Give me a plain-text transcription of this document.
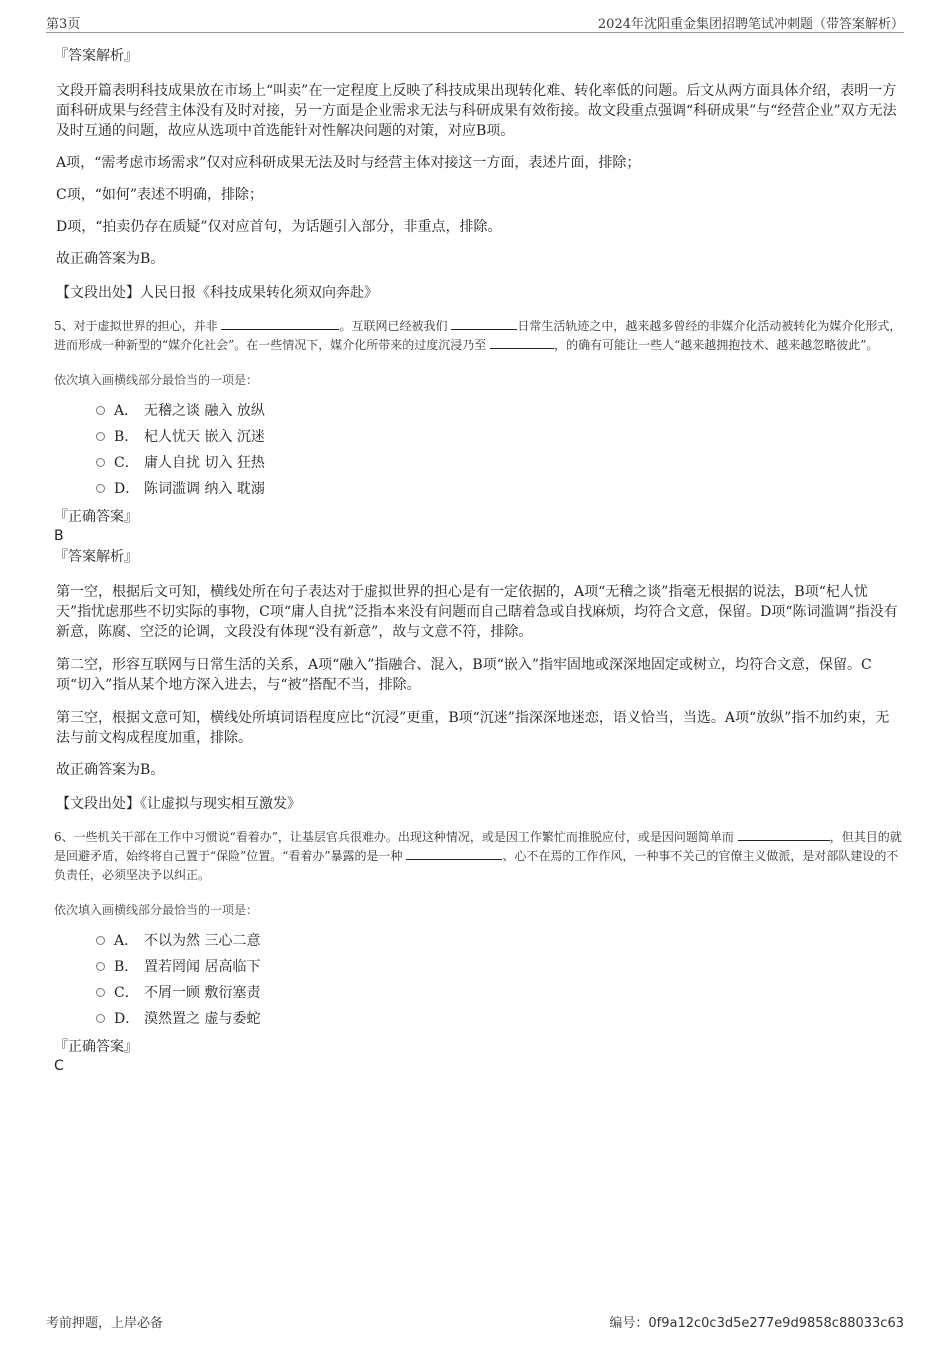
第3页	2024年沈阳重金集团招聘笔试冲刺题（带答案解析）

『答案解析』

文段开篇表明科技成果放在市场上“叫卖”在一定程度上反映了科技成果出现转化难、转化率低的问题。后文从两方面具体介绍，表明一方面科研成果与经营主体没有及时对接，另一方面是企业需求无法与科研成果有效衔接。故文段重点强调“科研成果”与“经营企业”双方无法及时互通的问题，故应从选项中首选能针对性解决问题的对策，对应B项。

A项，“需考虑市场需求”仅对应科研成果无法及时与经营主体对接这一方面，表述片面，排除；

C项，“如何”表述不明确，排除；

D项，“拍卖仍存在质疑”仅对应首句，为话题引入部分，非重点，排除。

故正确答案为B。

【文段出处】人民日报《科技成果转化须双向奔赴》

5、对于虚拟世界的担心，并非	。互联网已经被我们	日常生活轨迹之中，越来越多曾经的非媒介化活动被转化为媒介化形式，进而形成一种新型的“媒介化社会”。在一些情况下，媒介化所带来的过度沉浸乃至	，的确有可能让一些人“越来越拥抱技术、越来越忽略彼此”。

依次填入画横线部分最恰当的一项是：

A． 无稽之谈 融入 放纵
B． 杞人忧天 嵌入 沉迷
C． 庸人自扰 切入 狂热
D． 陈词滥调 纳入 耽溺

『正确答案』

B

『答案解析』

第一空，根据后文可知，横线处所在句子表达对于虚拟世界的担心是有一定依据的，A项“无稽之谈”指毫无根据的说法，B项“杞人忧天”指忧虑那些不切实际的事物，C项“庸人自扰”泛指本来没有问题而自己瞎着急或自找麻烦，均符合文意，保留。D项“陈词滥调”指没有新意，陈腐、空泛的论调，文段没有体现“没有新意”，故与文意不符，排除。

第二空，形容互联网与日常生活的关系，A项“融入”指融合、混入，B项“嵌入”指牢固地或深深地固定或树立，均符合文意，保留。C项“切入”指从某个地方深入进去，与“被”搭配不当，排除。

第三空，根据文意可知，横线处所填词语程度应比“沉浸”更重，B项“沉迷”指深深地迷恋，语义恰当，当选。A项“放纵”指不加约束，无法与前文构成程度加重，排除。

故正确答案为B。

【文段出处】《让虚拟与现实相互激发》

6、一些机关干部在工作中习惯说“看着办”，让基层官兵很难办。出现这种情况，或是因工作繁忙而推脱应付，或是因问题简单而	，但其目的就是回避矛盾，始终将自己置于“保险”位置。“看着办”暴露的是一种	、心不在焉的工作作风，一种事不关己的官僚主义做派，是对部队建设的不负责任，必须坚决予以纠正。

依次填入画横线部分最恰当的一项是：

A． 不以为然 三心二意
B． 置若罔闻 居高临下
C． 不屑一顾 敷衍塞责
D． 漠然置之 虚与委蛇

『正确答案』

C

考前押题，上岸必备	编号：0f9a12c0c3d5e277e9d9858c88033c63
